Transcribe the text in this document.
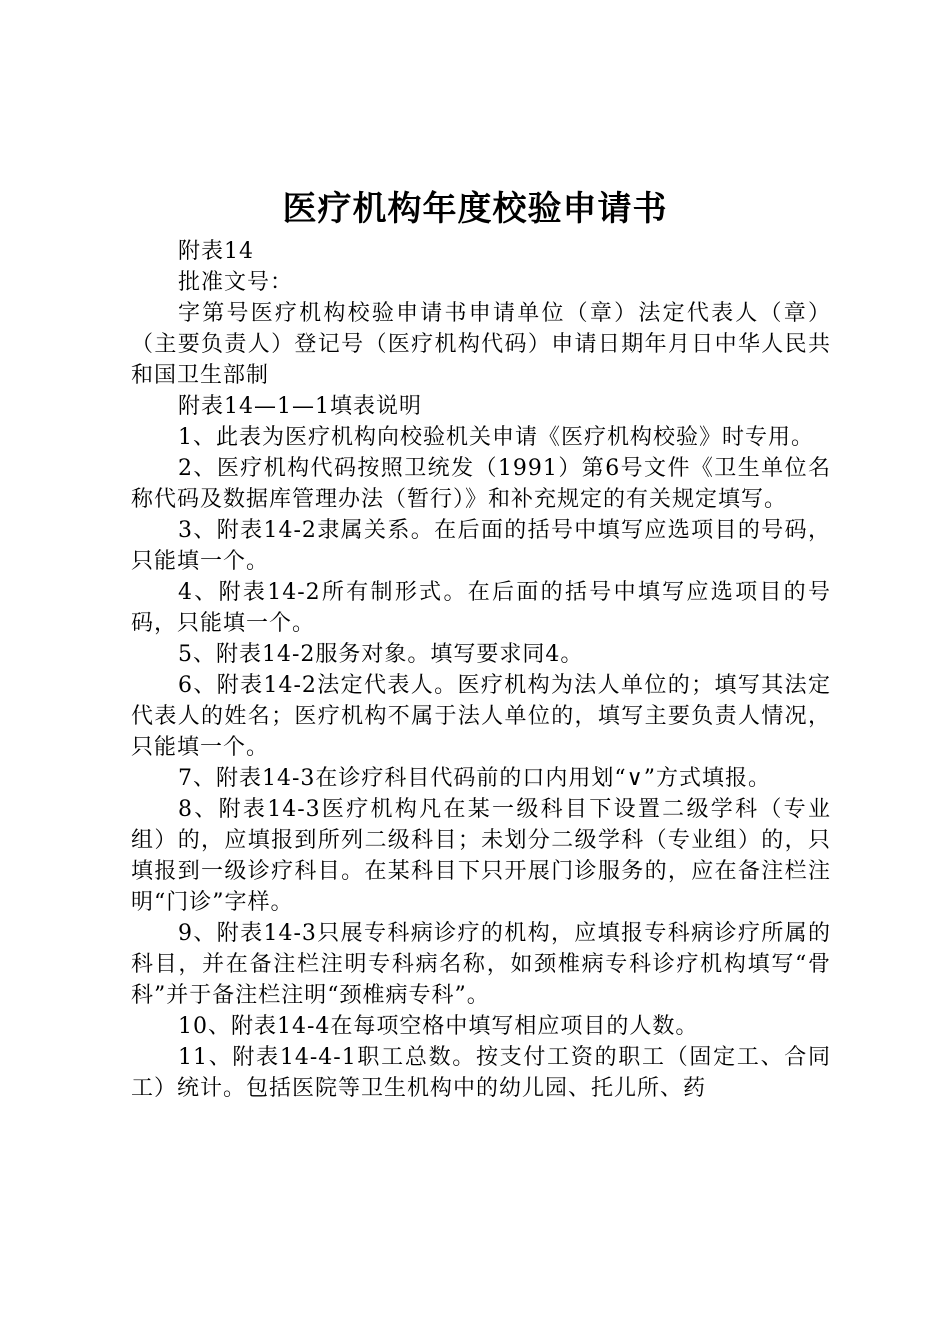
医疗机构年度校验申请书

附表14

批准文号：

字第号医疗机构校验申请书申请单位（章）法定代表人（章）（主要负责人）登记号（医疗机构代码）申请日期年月日中华人民共和国卫生部制

附表14—1—1填表说明

1、此表为医疗机构向校验机关申请《医疗机构校验》时专用。

2、医疗机构代码按照卫统发（1991）第6号文件《卫生单位名称代码及数据库管理办法（暂行）》和补充规定的有关规定填写。

3、附表14-2隶属关系。在后面的括号中填写应选项目的号码，只能填一个。

4、附表14-2所有制形式。在后面的括号中填写应选项目的号码，只能填一个。

5、附表14-2服务对象。填写要求同4。

6、附表14-2法定代表人。医疗机构为法人单位的；填写其法定代表人的姓名；医疗机构不属于法人单位的，填写主要负责人情况，只能填一个。

7、附表14-3在诊疗科目代码前的口内用划“∨”方式填报。

8、附表14-3医疗机构凡在某一级科目下设置二级学科（专业组）的，应填报到所列二级科目；未划分二级学科（专业组）的，只填报到一级诊疗科目。在某科目下只开展门诊服务的，应在备注栏注明“门诊”字样。

9、附表14-3只展专科病诊疗的机构，应填报专科病诊疗所属的科目，并在备注栏注明专科病名称，如颈椎病专科诊疗机构填写“骨科”并于备注栏注明“颈椎病专科”。

10、附表14-4在每项空格中填写相应项目的人数。

11、附表14-4-1职工总数。按支付工资的职工（固定工、合同工）统计。包括医院等卫生机构中的幼儿园、托儿所、药
